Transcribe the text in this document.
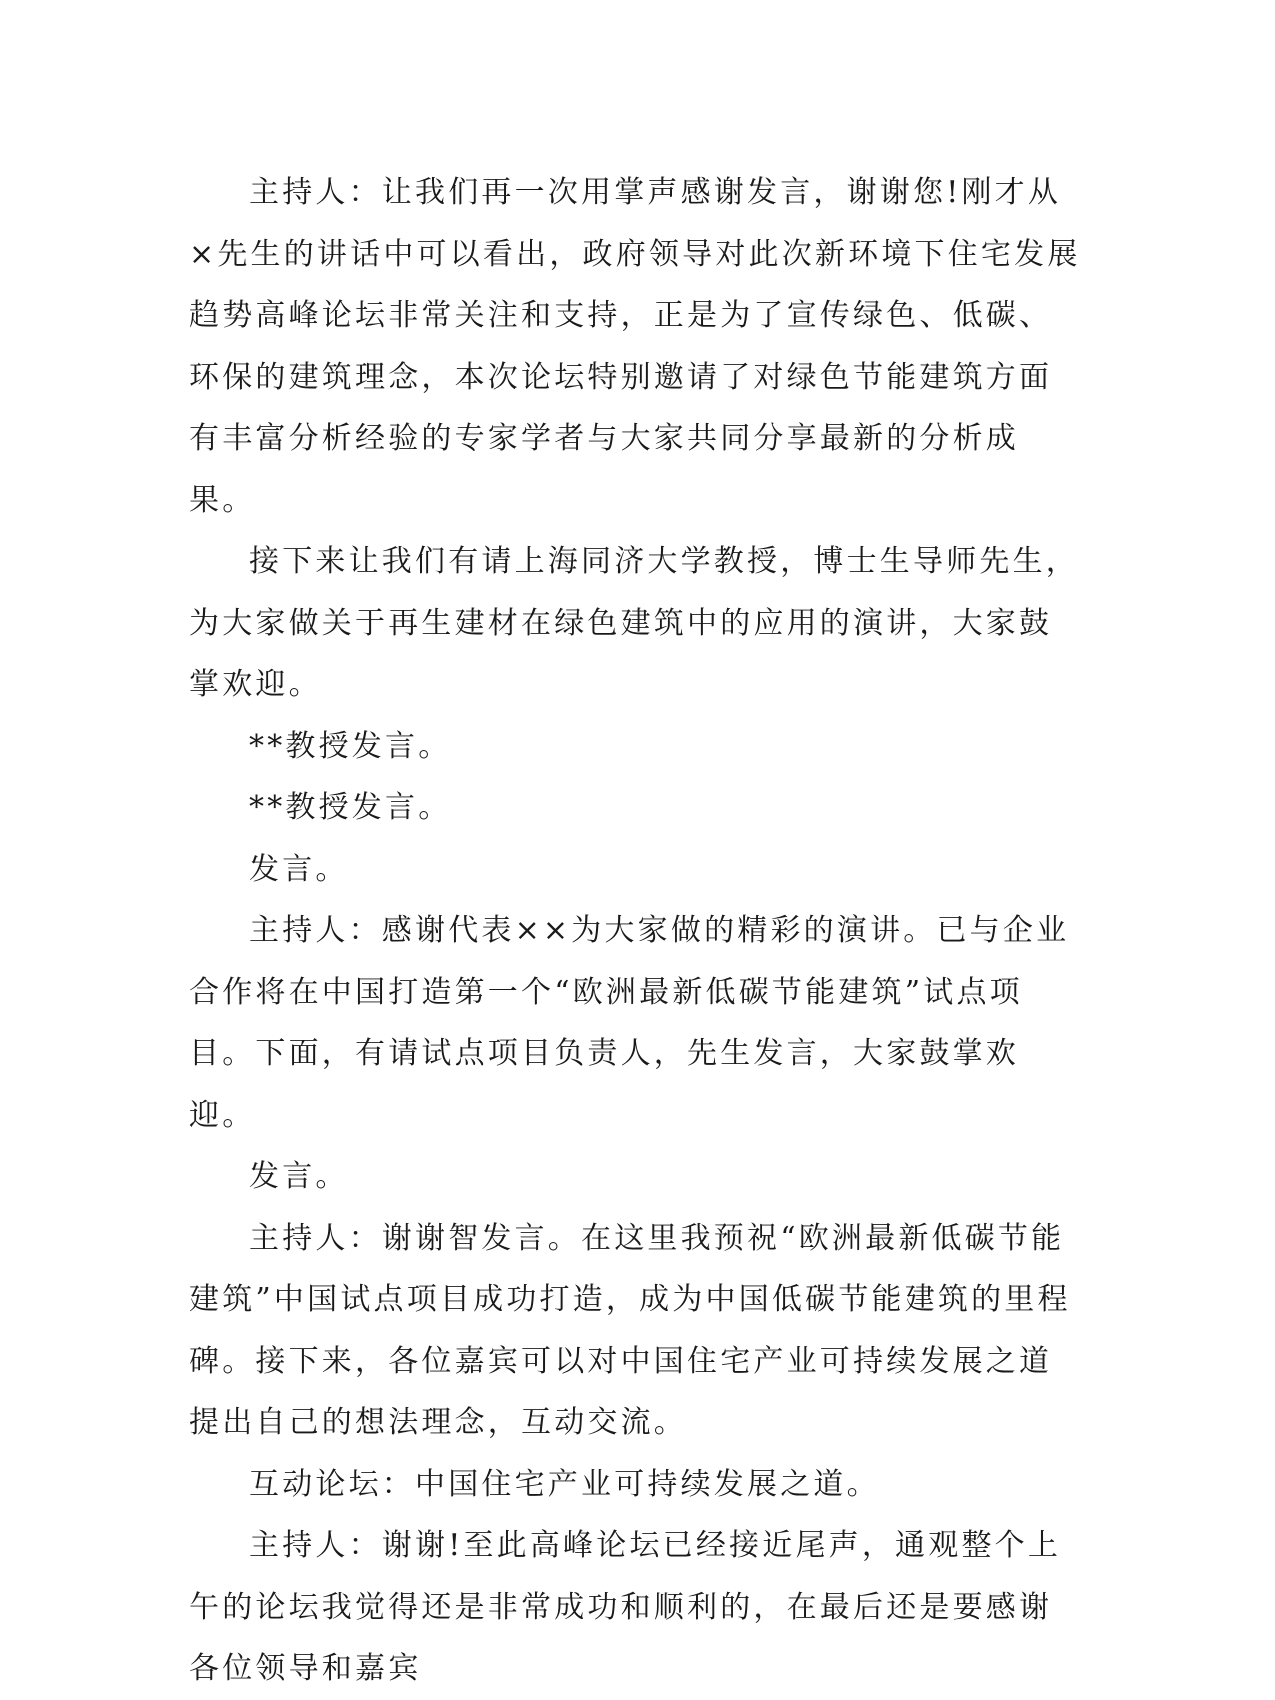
主持人：让我们再一次用掌声感谢发言，谢谢您!刚才从×先生的讲话中可以看出，政府领导对此次新环境下住宅发展趋势高峰论坛非常关注和支持，正是为了宣传绿色、低碳、环保的建筑理念，本次论坛特别邀请了对绿色节能建筑方面有丰富分析经验的专家学者与大家共同分享最新的分析成果。

接下来让我们有请上海同济大学教授，博士生导师先生，为大家做关于再生建材在绿色建筑中的应用的演讲，大家鼓掌欢迎。

**教授发言。

**教授发言。

发言。

主持人：感谢代表××为大家做的精彩的演讲。已与企业合作将在中国打造第一个“欧洲最新低碳节能建筑”试点项目。下面，有请试点项目负责人，先生发言，大家鼓掌欢迎。

发言。

主持人：谢谢智发言。在这里我预祝“欧洲最新低碳节能建筑”中国试点项目成功打造，成为中国低碳节能建筑的里程碑。接下来，各位嘉宾可以对中国住宅产业可持续发展之道提出自己的想法理念，互动交流。

互动论坛：中国住宅产业可持续发展之道。

主持人：谢谢!至此高峰论坛已经接近尾声，通观整个上午的论坛我觉得还是非常成功和顺利的，在最后还是要感谢各位领导和嘉宾
